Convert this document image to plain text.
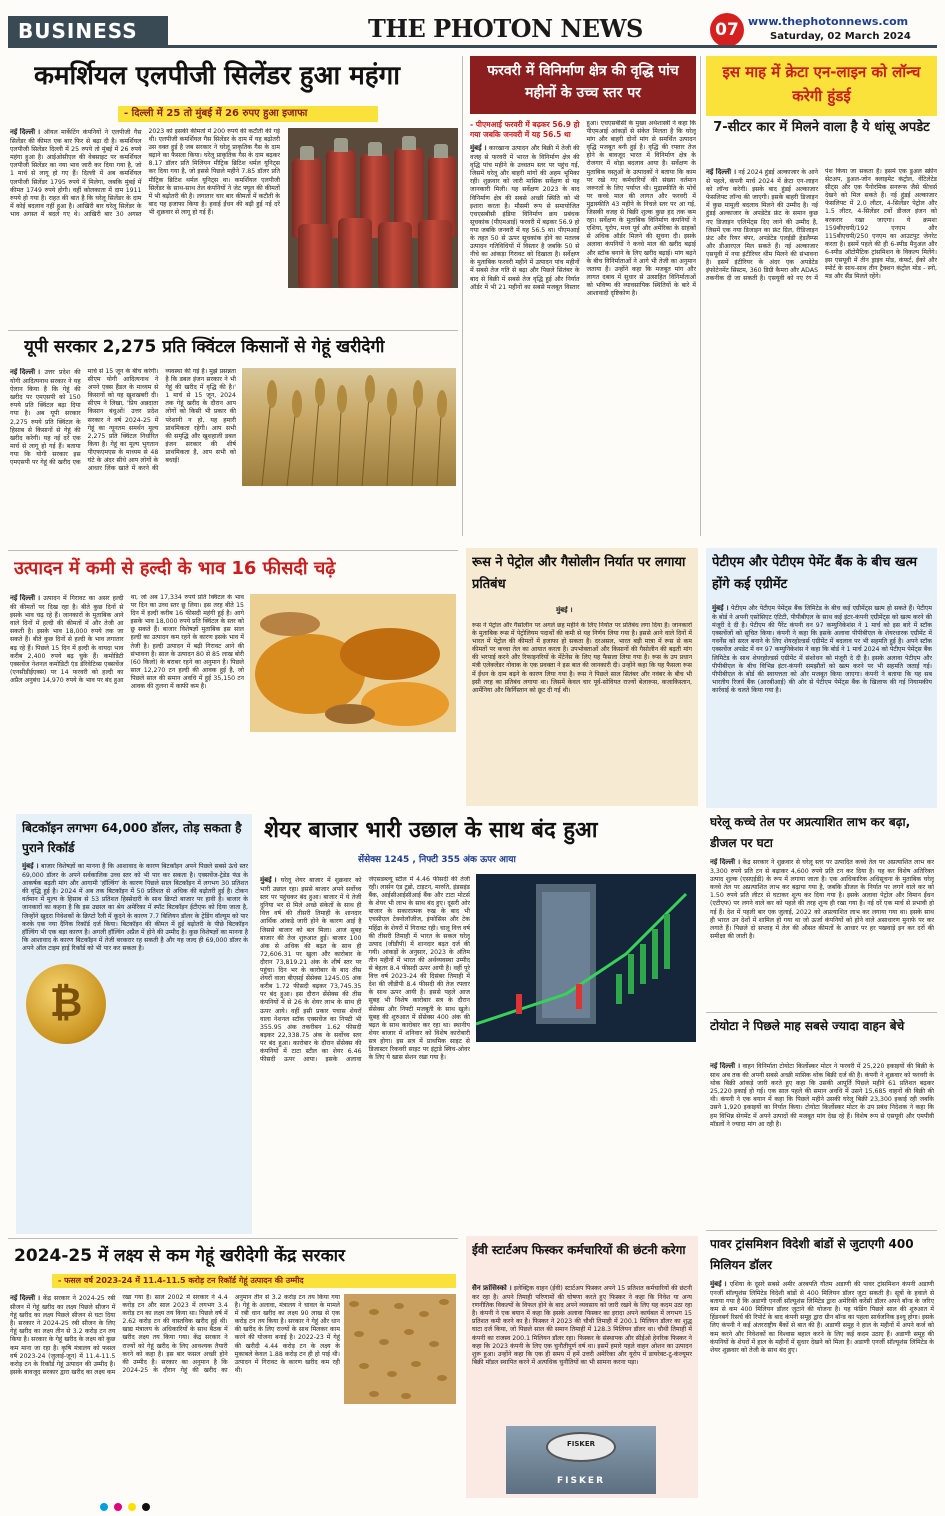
BUSINESS	THE PHOTON NEWS	07 www.thephotonnews.com
Saturday, 02 March 2024
कमर्शियल एलपीजी सिलेंडर हुआ महंगा
- दिल्ली में 25 तो मुंबई में 26 रुपए हुआ इजाफा
नई दिल्ली । ऑयल मार्केटिंग कंपनियों ने एलपीजी गैस सिलेंडर की कीमत एक बार फिर से बढ़ा दी है। कमर्शियल एलपीजी सिलेंडर दिल्ली में 25 रुपये तो मुंबई में 26 रुपये महंगा हुआ है। आईओसीएल की वेबसाइट पर कमर्शियल एलपीजी सिलेंडर का नया भाव जारी कर दिया गया है, जो 1 मार्च से लागू हो गए हैं। दिल्ली में अब कमर्शियल एलपीजी सिलेंडर 1795 रुपये में मिलेगा, जबकि मुंबई में कीमत 1749 रुपये होगी। वहीं कोलकाता में दाम 1911 रुपये हो गया है। राहत की बात है कि घरेलू सिलेंडर के दाम में कोई बदलाव नहीं हुआ है। आखिरी बार घरेलू सिलेंडर के भाव अगस्त में बदले गए थे। आखिरी बार 30 अगस्त 2023 को इसकी कीमतों में 200 रुपये की कटौती की गई थी। एलपीजी कमर्शियल गैस सिलेंडर के दाम में यह बढ़ोतरी उस वक्त हुई है जब सरकार ने घरेलू प्राकृतिक गैस के दाम बढ़ाने का फैसला किया। घरेलू प्राकृतिक गैस के दाम बढ़कर 8.17 डॉलर प्रति मिलियन मीट्रिक ब्रिटिश थर्मल यूनिट्स कर दिया गया है, जो इससे पिछले महीने 7.85 डॉलर प्रति मीट्रिक ब्रिटिश थर्मल यूनिट्स था। कमर्शियल एलपीजी सिलेंडर के साथ-साथ तेल कंपनियों ने जेट फ्यूल की कीमतों में भी बढ़ोतरी की है। लगातार चार बार कीमतों में कटौती के बाद यह इजाफा किया है। हवाई ईंधन की बढ़ी हुई नई दरें भी शुक्रवार से लागू हो गई हैं।
फरवरी में विनिर्माण क्षेत्र की वृद्धि पांच महीनों के उच्च स्तर पर
- पीएमआई फरवरी में बढ़कर 56.9 हो गया जबकि जनवरी में यह 56.5 था
मुंबई । कारखाना उत्पादन और बिक्री में तेजी की वजह से फरवरी में भारत के विनिर्माण क्षेत्र की वृद्धि पांच महीने के उच्चतम स्तर पर पहुंच गई, जिसमें घरेलू और बाहरी मांगों की अहम भूमिका रही। शुक्रवार को जारी मासिक सर्वेक्षण से यह जानकारी मिली। यह सर्वेक्षण 2023 के बाद विनिर्माण क्षेत्र की सबसे अच्छी स्थिति को भी इशारा करता है। मौसमी रूप से समायोजित एचएसबीसी इंडिया विनिर्माण क्रय प्रबंधक सूचकांक (पीएमआई) फरवरी में बढ़कर 56.9 हो गया जबकि जनवरी में यह 56.5 था। पीएमआई के तहत 50 से ऊपर सूचकांक होने का मतलब उत्पादन गतिविधियों में विस्तार है जबकि 50 से नीचे का आंकड़ा गिरावट को दिखाता है। सर्वेक्षण के मुताबिक फरवरी महीने में उत्पादन पांच महीनों में सबसे तेज गति से बढ़ा और पिछले सितंबर के बाद से बिक्री में सबसे तेज वृद्धि हुई और निर्यात ऑर्डर में भी 21 महीनों का सबसे मजबूत विस्तार हुआ। एचएसबीसी के मुख्य अर्थशास्त्री ने कहा कि पीएमआई आंकड़ों से संकेत मिलता है कि घरेलू मांग और बाहरी दोनों मांग से समर्थित उत्पादन वृद्धि मजबूत बनी हुई है। वृद्धि की रफ्तार तेज होने के बावजूद भारत में विनिर्माण क्षेत्र के रोजगार में थोड़ा बदलाव आया है। सर्वेक्षण के मुताबिक वस्तुओं के उत्पादकों ने बताया कि काम पर रखे गए कर्मचारियों की संख्या वर्तमान जरूरतों के लिए पर्याप्त थी। मुद्रास्फीति के मोर्चे पर कच्चे माल की लागत और फरवरी में मुद्रास्फीति 43 महीने के निचले स्तर पर आ गई, जिसकी वजह से बिक्री शुल्क कुछ हद तक कम रहा। सर्वेक्षण के मुताबिक विनिर्माण कंपनियों ने एशिया, यूरोप, मध्य पूर्व और अमेरिका के ग्राहकों से अधिक ऑर्डर मिलने की सूचना दी। इसके अलावा कंपनियों ने कच्चे माल की खरीद बढ़ाई और स्टॉक बनाने के लिए खरीद बढ़ाई। मांग बढ़ने के बीच विनिर्माताओं ने आगे भी तेजी का अनुमान जताया है। उन्होंने कहा कि मजबूत मांग और लागत दबाव में सुधार से उत्साहित विनिर्माताओं को भविष्य की व्यावसायिक स्थितियों के बारे में आशावादी दृष्टिकोण है।
इस माह में क्रेटा एन-लाइन को लॉन्च करेगी हुंडई
7-सीटर कार में मिलने वाला है ये धांसू अपडेट
नई दिल्ली । नई 2024 हुंडई अल्काजार के आने से पहले, कंपनी मार्च 2024 में क्रेटा एन-लाइन को लॉन्च करेगी। इसके बाद हुंडई अल्काजार फेसलिफ्ट लॉन्च की जाएगी। इसके बाहरी डिजाइन में कुछ मामूली बदलाव मिलने की उम्मीद है। नई हुंडई अल्काजार के अपडेटेड फ्रंट के समान कुछ नए डिजाइन एलिमेंट्स दिए जाने की उम्मीद है, जिसमें एक नया डिजाइन का फ्रंट ग्रिल, रीडिजाइन फ्रंट और रियर बंपर, अपडेटेड एलईडी हेडलैम्प्स और डीआरएल मिल सकते हैं। नई अल्काजार एसयूवी में नया इंटीरियर थीम मिलने की संभावना है। इसमें इंटीरियर के अंदर एक अपडेटेड इंफोटेनमेंट सिस्टम, 360 डिग्री कैमरा और ADAS तकनीक दी जा सकती है। एसयूवी को नए रंग में पेश किया जा सकता है। इसमें एक डुअल स्क्रीन सेटअप, डुअल-जोन क्लाइमेट कंट्रोल, वेंटिलेटेड सीट्स और एक पैनोरमिक सनरूफ जैसे फीचर्स देखने को मिल सकते हैं। नई हुंडई अल्काजार फेसलिफ्ट में 2.0 लीटर, 4-सिलेंडर पेट्रोल और 1.5 लीटर, 4-सिलेंडर टर्बो डीजल इंजन को बरकरार रखा जाएगा। ये क्रमशः 159बीएचपी/192 एनएम और 115बीएचपी/250 एनएम का आउटपुट जेनरेट करता है। इसमें पहले की ही 6-स्पीड मैनुअल और 6-स्पीड ऑटोमैटिक ट्रांसमिशन के विकल्प मिलेंगे। इस एसयूवी में तीन ड्राइव मोड, कंफर्ट, ईको और स्पोर्ट के साथ-साथ तीन ट्रैक्शन कंट्रोल मोड - स्नो, मड और सैंड मिलते रहेंगे।
यूपी सरकार 2,275 प्रति क्विंटल किसानों से गेहूं खरीदेगी
नई दिल्ली । उत्तर प्रदेश की योगी आदित्यनाथ सरकार ने यह ऐलान किया है कि गेहूं की खरीद पर एमएसपी को 150 रुपये प्रति क्विंटल बढ़ा दिया गया है। अब यूपी सरकार 2,275 रुपये प्रति क्विंटल के हिसाब से किसानों से गेहूं की खरीद करेगी। यह नई दरें एक मार्च से लागू हो गई हैं। बताया गया कि योगी सरकार इस एमएसपी पर गेहूं की खरीद एक मार्च से 15 जून के बीच करेगी। सीएम योगी आदित्यनाथ ने अपने एक्स हैंडल के माध्यम से किसानों को यह खुशखबरी दी। सीएम ने लिखा, 'प्रिय अन्नदाता किसान बंधुओं! उत्तर प्रदेश सरकार ने वर्ष 2024-25 में गेहूं का न्यूनतम समर्थन मूल्य 2,275 प्रति क्विंटल निर्धारित किया है। गेहूं का मूल्य भुगतान पीएफएमएस के माध्यम से 48 घंटे के अंदर सीधे आप लोगों के आधार लिंक खाते में करने की व्यवस्था की गई है। मुझे प्रसन्नता है कि डबल इंजन सरकार ने भी गेहूं की खरीद में वृद्धि की है।' 1 मार्च से 15 जून, 2024 तक गेहूं खरीद के दौरान आप लोगों को किसी भी प्रकार की परेशानी न हो, यह हमारी प्राथमिकता रहेगी। आप सभी की समृद्धि और खुशहाली डबल इंजन सरकार की शीर्ष प्राथमिकता है, आप सभी को बधाई!
उत्पादन में कमी से हल्दी के भाव 16 फीसदी चढ़े
नई दिल्ली । उत्पादन में गिरावट का असर हल्दी की कीमतों पर दिख रहा है। बीते कुछ दिनों से इसके भाव चढ़ रहे हैं। जानकारों के मुताबिक आने वाले दिनों में हल्दी की कीमतों में और तेजी आ सकती है। इसके भाव 18,000 रुपये तक जा सकते हैं। बीते कुछ दिनों से हल्दी के भाव लगातार बढ़ रहे हैं। पिछले 15 दिन में हल्दी के वायदा भाव करीब 2,400 रुपये बढ़ चुके हैं। कमोडिटी एक्सचेंज नेशनल कमोडिटी एंड डेरिवेटिव्स एक्सचेंज (एनसीडीईएक्स) पर 14 फरवरी को हल्दी का अप्रैल अनुबंध 14,970 रुपये के भाव पर बंद हुआ था, जो अब 17,334 रुपये प्रति क्विंटल के भाव पर दिन का उच्च स्तर छू लिया। इस तरह बीते 15 दिन में हल्दी करीब 16 फीसदी महंगी हुई है। आगे इसके भाव 18,000 रुपये प्रति क्विंटल के स्तर को छू सकते हैं। बाजार विशेषज्ञों मुताबिक इस साल हल्दी का उत्पादन कम रहने के कारण इसके भाव में तेजी है। हल्दी उत्पादन में बढ़ी गिरावट आने की संभावना है। साल के उत्पादन 80 से 85 लाख बोरी (60 किलो) के बराबर रहने का अनुमान है। पिछले साल 12,270 टन हल्दी की आवक हुई है, जो पिछले साल की समान अवधि में हुई 35,150 टन आवक की तुलना में काफी कम है।
रूस ने पेट्रोल और गैसोलीन निर्यात पर लगाया प्रतिबंध
मुंबई ।
रूस ने पेट्रोल और गैसोलीन पर अगले छह महीने के लिए निर्यात पर प्रतिबंध लगा दिया है। जानकारों के मुताबिक रूस में पेट्रोलियम पदार्थों की कमी से यह निर्णय लिया गया है। इससे आने वाले दिनों में भारत में पेट्रोल की कीमतों में इजाफा हो सकता है। दरअसल, भारत बड़ी मात्रा में रूस से कम कीमतों पर कच्चा तेल का आयात करता है। उपभोक्ताओं और किसानों की गैसोलीन की बढ़ती मांग की भरपाई करने और रिफाइनरियों के मेंटेनेंस के लिए यह फैसला लिया गया है। रूस के उप प्रधान मंत्री एलेक्जेंडर नोवाक के एक प्रवक्ता ने इस बात की जानकारी दी। उन्होंने कहा कि यह फैसला रूस में ईंधन के दाम बढ़ने के कारण लिया गया है। रूस ने पिछले साल सितंबर और नवंबर के बीच भी इसी तरह का प्रतिबंध लगाया था। जिसमें केवल चार पूर्व-सोवियत राज्यों बेलारूस, कजाकिस्तान, आर्मेनिया और किर्गिस्तान को छूट दी गई थी।
पेटीएम और पेटीएम पेमेंट बैंक के बीच खत्म होंगे कई एग्रीमेंट
मुंबई । पेटीएम और पेटीएम पेमेंट्स बैंक लिमिटेड के बीच कई एग्रीमेंट्स खत्म हो सकते हैं। पेटीएम के बोर्ड ने अपनी एसोसिएट एंटिटी, पीपीबीएल के साथ कई इंटर-कंपनी एग्रीमेंट्स को खत्म करने की मंजूरी दे दी है। पेटीएम की पैरेंट कंपनी वन 97 कम्युनिकेशंस ने 1 मार्च को इस बारे में स्टॉक एक्सचेंजों को सूचित किया। कंपनी ने कहा कि इसके अलावा पीपीबीएल के शेयरधारक एग्रीमेंट में गवर्नेंस को सरल बनाने के लिए शेयरहोल्डर्स एग्रीमेंट में बदलाव पर भी सहमति हुई है। अपने स्टॉक एक्सचेंज अपडेट में वन 97 कम्युनिकेशंस ने कहा कि बोर्ड ने 1 मार्च 2024 को पेटीएम पेमेंट्स बैंक लिमिटेड के साथ शेयरहोल्डर्स एग्रीमेंट में संशोधन को मंजूरी दे दी है। इसके अलावा पेटीएम और पीपीबीएल के बीच विभिन्न इंटर-कंपनी समझौतों को खत्म करने पर भी सहमति जताई गई। पीपीबीएल के बोर्ड की स्वायत्तता को और मजबूत किया जाएगा। कंपनी ने बताया कि यह सब भारतीय रिजर्व बैंक (आरबीआई) की ओर से पेटीएम पेमेंट्स बैंक के खिलाफ की गई नियामकीय कार्रवाई के चलते किया गया है।
बिटकॉइन लगभग 64,000 डॉलर, तोड़ सकता है पुराने रिकॉर्ड
मुंबई । बाजार विशेषज्ञों का मानना है कि आशावाद के कारण बिटकॉइन अपने पिछले सबसे ऊंचे स्तर 69,000 डॉलर के अपने सर्वकालिक उच्च स्तर को भी पार कर सकता है। एक्सचेंज-ट्रेडेड फंड के आकर्षक बढ़ती मांग और आगामी 'हॉल्विंग' के कारण पिछले साल बिटकॉइन में लगभग 30 प्रतिशत की वृद्धि हुई है। 2024 में अब तक बिटकॉइन में 50 प्रतिशत से अधिक की बढ़ोतरी हुई है। टोकन वर्तमान में मूल्य के हिसाब से 53 प्रतिशत हिस्सेदारी के साथ क्रिप्टो बाजार पर हावी है। बाजार के जानकारों का कहना है कि इस उछाल का श्रेय अमेरिका में स्पॉट बिटकॉइन ईटीएफ को दिया जाता है, जिन्होंने खुदरा निवेशकों के क्रिप्टो रैली में कूदने के कारण 7.7 बिलियन डॉलर के ट्रेडिंग वॉल्यूम को पार करके एक नया दैनिक रिकॉर्ड दर्ज किया। बिटकॉइन की कीमत में हुई बढ़ोतरी के पीछे बिटकॉइन हॉल्विंग भी एक बड़ा कारण है। अगली हॉल्विंग अप्रैल में होने की उम्मीद है। कुछ विशेषज्ञों का मानना है कि आशावाद के कारण बिटकॉइन में तेजी बरकरार रह सकती है और यह जल्द ही 69,000 डॉलर के अपने ऑल टाइम हाई रिकॉर्ड को भी पार कर सकता है।
₿
शेयर बाजार भारी उछाल के साथ बंद हुआ
सेंसेक्स 1245 , निफ्टी 355 अंक ऊपर आया
मुंबई । घरेलू शेयर बाजार में शुक्रवार को भारी उछाल रहा। इससे बाजार अपने सर्वोच्च स्तर पर पहुंचकर बंद हुआ। बाजार में ये तेजी दुनिया भर से मिले अच्छे संकेतों के साथ ही वित्त वर्ष की तीसरी तिमाही के शानदार आर्थिक आंकड़े जारी होने के कारण आई है जिससे बाजार को बल मिला। आज सुबह बाजार की तेज शुरुआत हुई। बाजार 100 अंक से अधिक की बढ़त के साथ ही 72,606.31 पर खुला और कारोबार के दौरान 73,819.21 अंक के शीर्ष स्तर पर पहुंचा। दिन भर के कारोबार के बाद तीस शेयरों वाला बीएसई सेंसेक्स 1245.05 अंक करीब 1.72 फीसदी बढ़कर 73,745.35 पर बंद हुआ। इस दौरान सेंसेक्स की तीस कंपनियों में से 26 के शेयर लाभ के साथ ही ऊपर आये। वहीं इसी प्रकार पचास शेयरों वाला नेशनल स्टॉक एक्सचेंज का निफ्टी भी 355.95 अंक तकरीबन 1.62 फीसदी बढ़कर 22,338.75 अंक के सर्वोच्च स्तर पर बंद हुआ। कारोबार के दौरान सेंसेक्स की कंपनियों में टाटा स्टील का शेयर 6.46 फीसदी ऊपर आया। इसके अलावा जेएसडब्ल्यू स्टील में 4.46 फीसदी की तेजी रही। लार्सन एंड टूब्रो, टाइटन, मारुति, इंडसइंड बैंक, आईसीआईसीआई बैंक और टाटा मोटर्स के शेयर भी लाभ के साथ बंद हुए। दूसरी ओर बाजार के सकारात्मक रुख के बाद भी एचसीएल टेक्नोलॉजीज, इंफोसिस और टेक महिंद्रा के शेयरों में गिरावट रही। चालू वित्त वर्ष की तीसरी तिमाही में भारत के सकल घरेलू उत्पाद (जीडीपी) में शानदार बढ़त दर्ज की गयी। आंकड़ों के अनुसार, 2023 के अंतिम तीन महीनों में भारत की अर्थव्यवस्था उम्मीद से बेहतर 8.4 फीसदी ऊपर आयी है। वहीं पूरे वित्त वर्ष 2023-24 की दिसंबर तिमाही में देश की जीडीपी 8.4 फीसदी की तेज रफ्तार के साथ ऊपर आयी है। इससे पहले आज सुबह भी विशेष कारोबार सत्र के दौरान सेंसेक्स और निफ्टी मजबूती के साथ खुले। सुबह की शुरुआत में सेंसेक्स 400 अंक की बढ़त के साथ कारोबार कर रहा था। स्थानीय शेयर बाजार में शनिवार को विशेष कारोबारी सत्र होगा। इस सत्र में प्राथमिक साइट से डिजास्टर रिकवरी साइट पर इंट्राडे स्विच-ओवर के लिए ये खास सेशन रखा गया है।
घरेलू कच्चे तेल पर अप्रत्याशित लाभ कर बढ़ा, डीजल पर घटा
नई दिल्ली । केंद्र सरकार ने शुक्रवार से घरेलू स्तर पर उत्पादित कच्चे तेल पर अप्रत्याशित लाभ कर 3,300 रुपये प्रति टन से बढ़ाकर 4,600 रुपये प्रति टन कर दिया है। यह कर विशेष अतिरिक्त उत्पाद शुल्क (एसएईडी) के रूप में लगाया जाता है। एक आधिकारिक अधिसूचना के मुताबिक घरेलू कच्चे तेल पर अप्रत्याशित लाभ कर बढ़ाया गया है, जबकि डीजल के निर्यात पर लगने वाले कर को 1.50 रुपये प्रति लीटर से घटाकर शून्य कर दिया गया है। इसके अलावा पेट्रोल और विमान ईंधन (एटीएफ) पर लगने वाले कर को पहले की तरह शून्य ही रखा गया है। नई दरें एक मार्च से प्रभावी हो गई हैं। देश में पहली बार एक जुलाई, 2022 को अप्रत्याशित लाभ कर लगाया गया था। इसके साथ ही भारत उन देशों में शामिल हो गया था जो ऊर्जा कंपनियों को होने वाले असाधारण मुनाफे पर कर लगाते हैं। पिछले दो सप्ताह में तेल की औसत कीमतों के आधार पर हर पखवाड़े इन कर दरों की समीक्षा की जाती है।
टोयोटा ने पिछले माह सबसे ज्यादा वाहन बेचे
नई दिल्ली । वाहन विनिर्माता टोयोटा किर्लोस्कर मोटर ने फरवरी में 25,220 इकाइयों की बिक्री के साथ अब तक की अपनी सबसे अच्छी मासिक थोक बिक्री दर्ज की है। कंपनी ने शुक्रवार को फरवरी के थोक बिक्री आंकड़े जारी करते हुए कहा कि उसकी आपूर्ति पिछले महीने 61 प्रतिशत बढ़कर 25,220 इकाई हो गई। एक साल पहले की समान अवधि में उसने 15,685 वाहनों की बिक्री की थी। कंपनी ने एक बयान में कहा कि पिछले महीने उसकी घरेलू बिक्री 23,300 इकाई रही जबकि उसने 1,920 इकाइयों का निर्यात किया। टोयोटा किर्लोस्कर मोटर के उप प्रबंध निदेशक ने कहा कि हम विभिन्न सेगमेंट में अपने उत्पादों की मजबूत मांग देख रहे हैं। विशेष रूप से एसयूवी और एमपीवी मॉडलों ने ज्यादा मांग आ रही है।
2024-25 में लक्ष्य से कम गेहूं खरीदेगी केंद्र सरकार
- फसल वर्ष 2023-24 में 11.4-11.5 करोड़ टन रिकॉर्ड गेहूं उत्पादन की उम्मीद
नई दिल्ली । केंद्र सरकार ने 2024-25 रबी सीजन में गेहूं खरीद का लक्ष्य पिछले सीजन में गेहूं खरीद का लक्ष्य पिछले सीजन से घटा दिया है। सरकार ने 2024-25 रबी सीजन के लिए गेहूं खरीद का लक्ष्य तीन से 3.2 करोड़ टन तय किया है। सरकार के गेहूं खरीद के लक्ष्य को कुछ कम माना जा रहा है। कृषि मंत्रालय को फसल वर्ष 2023-24 (जुलाई-जून) में 11.4-11.5 करोड़ टन के रिकॉर्ड गेहूं उत्पादन की उम्मीद है। इसके बावजूद सरकार द्वारा खरीद का लक्ष्य कम रखा गया है। साल 2002 में सरकार ने 4.4 करोड़ टन और साल 2023 में लगभग 3.4 करोड़ टन का लक्ष्य तय किया था। पिछले वर्ष में 2.62 करोड़ टन की वास्तविक खरीद हुई थी। खाद्य मंत्रालय के अधिकारियों के साथ बैठक में खरीद लक्ष्य तय किया गया। केंद्र सरकार ने राज्यों को गेहूं खरीद के लिए आवश्यक तैयारी करने को कहा है। इस बार फसल अच्छी होने की उम्मीद है। सरकार का अनुमान है कि 2024-25 के दौरान गेहूं की खरीद का अनुमान तीन से 3.2 करोड़ टन तय किया गया है। गेहूं के अलावा, मंत्रालय ने चावल के मामले में रबी धान खरीद का लक्ष्य 90 लाख से एक करोड़ टन तय किया है। सरकार ने गेहूं और धान की खरीद के लिए राज्यों के साथ मिलकर काम करने की योजना बनाई है। 2022-23 में गेहूं की खरीदी 4.44 करोड़ टन के लक्ष्य के मुकाबले केवल 1.88 करोड़ टन ही हो पाई थी। उत्पादन में गिरावट के कारण खरीद कम रही थी।
ईवी स्टार्टअप फिस्कर कर्मचारियों की छंटनी करेगा
सैन फ्रांसिस्को । इलेक्ट्रिक वाहन (ईवी) स्टार्टअप फिस्कर अपने 15 प्रतिशत कर्मचारियों की छंटनी कर रहा है। अपने तिमाही परिणामों की घोषणा करते हुए फिस्कर ने कहा कि निवेश या अन्य रणनीतिक विकल्पों के विफल होने के बाद अपने व्यवसाय को जारी रखने के लिए यह कदम उठा रहा है। कंपनी ने एक बयान में कहा कि इसके अलावा फिस्कर का इरादा अपने कार्यबल में लगभग 15 प्रतिशत कमी करने का है। फिस्कर ने 2023 की चौथी तिमाही में 200.1 मिलियन डॉलर का शुद्ध घाटा दर्ज किया, जो पिछले साल की समान तिमाही में 128.3 मिलियन डॉलर था। चौथी तिमाही में कंपनी का राजस्व 200.1 मिलियन डॉलर रहा। फिस्कर के संस्थापक और सीईओ हेनरिक फिस्कर ने कहा कि 2023 कंपनी के लिए एक चुनौतीपूर्ण वर्ष था। इसमें हमारे पहले वाहन ओशन का उत्पादन शुरू हुआ। उन्होंने कहा कि एक ही समय में हमें उत्तरी अमेरिका और यूरोप में डायरेक्ट-टू-कंज्यूमर बिक्री मॉडल स्थापित करने में अत्यधिक चुनौतियों का भी सामना करना पड़ा।
FISKER
FISKER
पावर ट्रांसमिशन विदेशी बांडों से जुटाएगी 400 मिलियन डॉलर
मुंबई । एशिया के दूसरे सबसे अमीर अरबपति गौतम अडाणी की पावर ट्रांसमिशन कंपनी अडाणी एनर्जी सॉल्यूशंस लिमिटेड विदेशी बांडों से 400 मिलियन डॉलर जुटा सकती है। सूत्रों के हवाले से बताया गया है कि अडाणी एनर्जी सॉल्यूशंस लिमिटेड द्वारा अमेरिकी करेंसी डॉलर अपने बॉन्ड के जरिए कम से कम 400 मिलियन डॉलर जुटाने की योजना है। यह फंडिंग पिछले साल की शुरुआत में हिंडनबर्ग रिसर्च की रिपोर्ट के बाद कंपनी समूह द्वारा ग्रीन बॉन्ड का पहला सार्वजनिक इश्यू होगा। इसके लिए कंपनी ने कई अंतरराष्ट्रीय बैंकों से बात की है। अडाणी समूह ने हाल के महीनों में अपने कर्ज को कम करने और निवेशकों का विश्वास बहाल करने के लिए कई कदम उठाए हैं। अडाणी समूह की कंपनियों के शेयरों में हाल के महीनों में सुधार देखने को मिला है। अडाणी एनर्जी सॉल्यूशंस लिमिटेड के शेयर शुक्रवार को तेजी के साथ बंद हुए।
